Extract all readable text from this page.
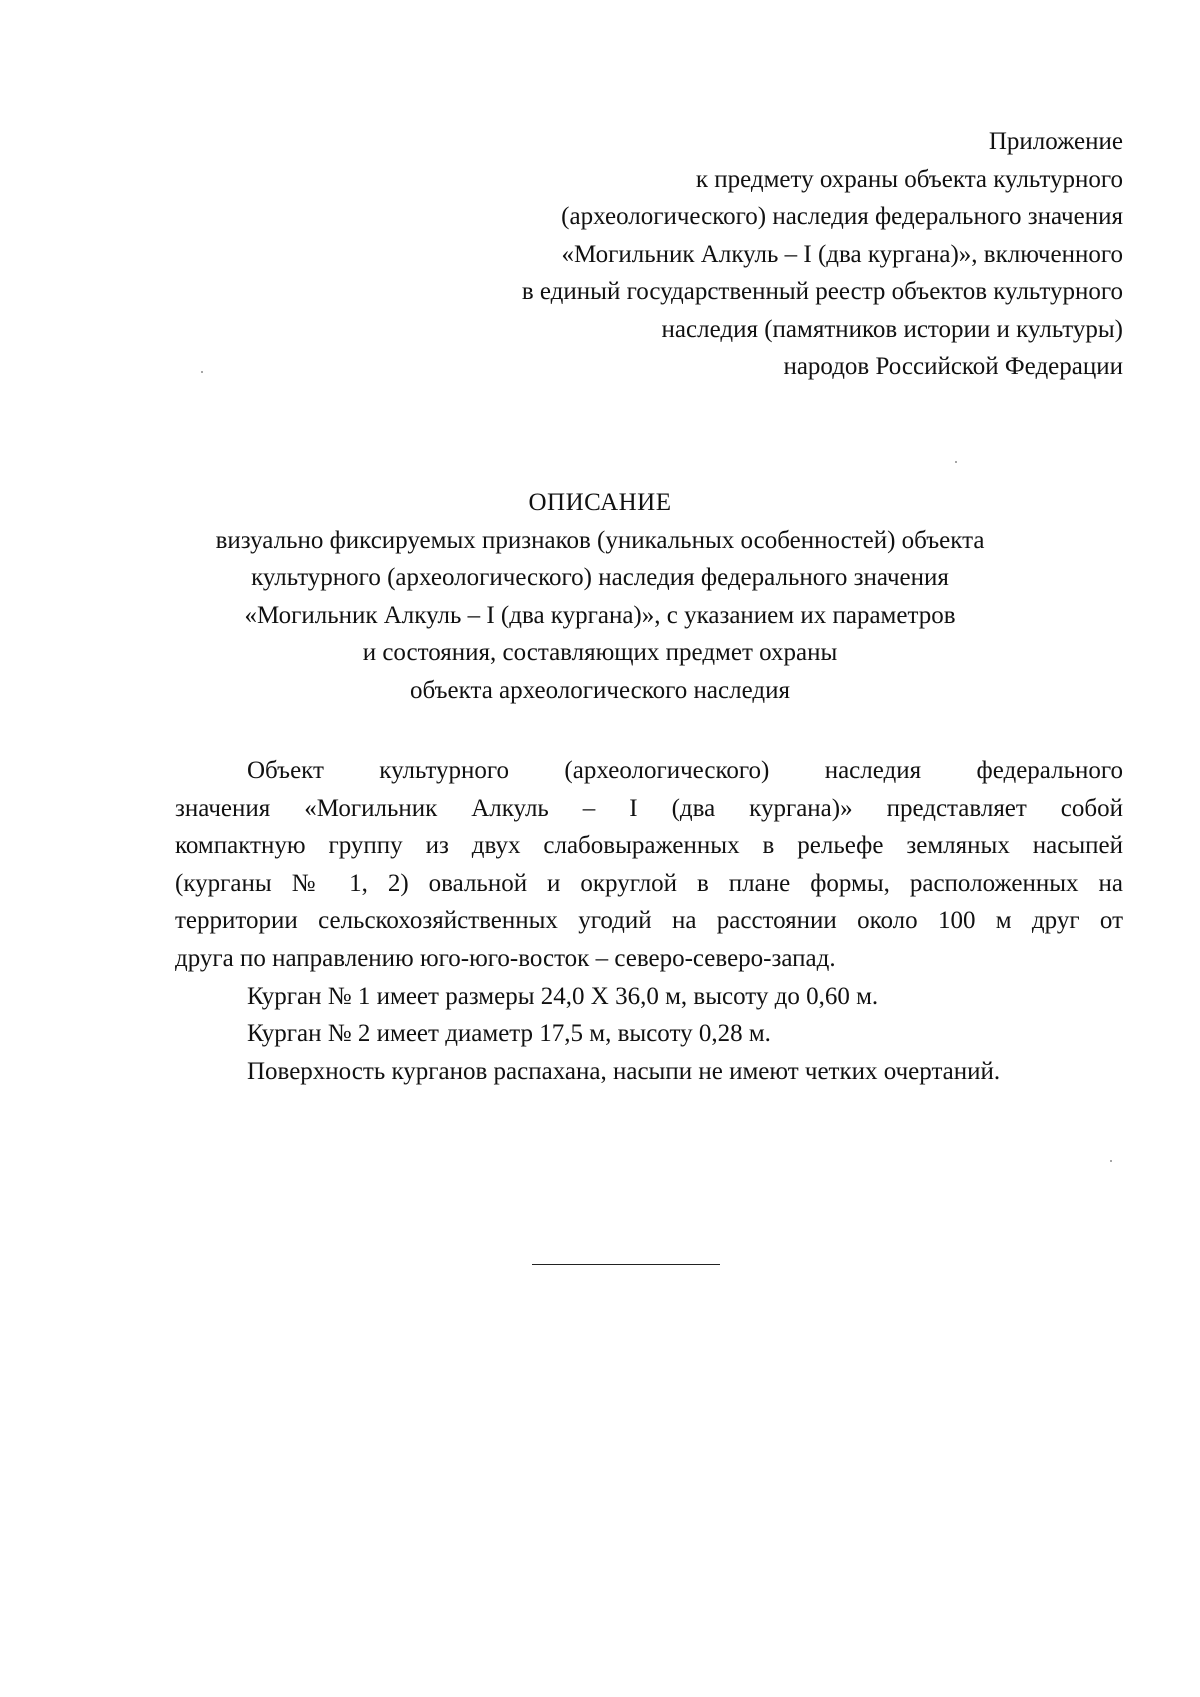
Приложение
к предмету охраны объекта культурного
(археологического) наследия федерального значения
«Могильник Алкуль – I (два кургана)», включенного
в единый государственный реестр объектов культурного
наследия (памятников истории и культуры)
народов Российской Федерации
ОПИСАНИЕ
визуально фиксируемых признаков (уникальных особенностей) объекта
культурного (археологического) наследия федерального значения
«Могильник Алкуль – I (два кургана)», с указанием их параметров
и состояния, составляющих предмет охраны
объекта археологического наследия
Объект культурного (археологического) наследия федерального
значения «Могильник Алкуль – I (два кургана)» представляет собой
компактную группу из двух слабовыраженных в рельефе земляных насыпей
(курганы № 1, 2) овальной и округлой в плане формы, расположенных на
территории сельскохозяйственных угодий на расстоянии около 100 м друг от
друга по направлению юго-юго-восток – северо-северо-запад.
Курган № 1 имеет размеры 24,0 Х 36,0 м, высоту до 0,60 м.
Курган № 2 имеет диаметр 17,5 м, высоту 0,28 м.
Поверхность курганов распахана, насыпи не имеют четких очертаний.
